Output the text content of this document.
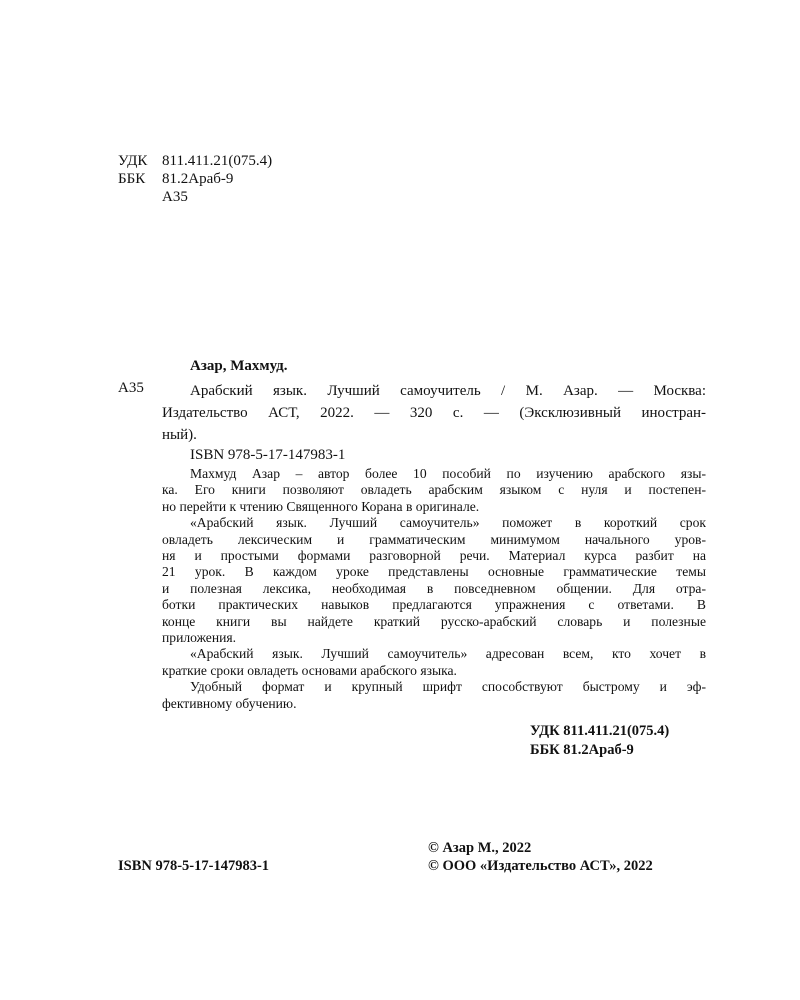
УДК 811.411.21(075.4)
ББК	81.2Араб-9
А35
Азар, Махмуд.
А35	Арабский язык. Лучший самоучитель / М. Азар. — Москва:
Издательство АСТ, 2022. — 320 с. — (Эксклюзивный иностран-
ный).
ISBN 978-5-17-147983-1

Махмуд Азар – автор более 10 пособий по изучению арабского язы-

ка. Его книги позволяют овладеть арабским языком с нуля и постепен-

но перейти к чтению Священного Корана в оригинале.

«Арабский язык. Лучший самоучитель» поможет в короткий срок

овладеть лексическим и грамматическим минимумом начального уров-

ня и простыми формами разговорной речи. Материал курса разбит на

21 урок. В каждом уроке представлены основные грамматические темы

и полезная лексика, необходимая в повседневном общении. Для отра-

ботки практических навыков предлагаются упражнения с ответами. В

конце книги вы найдете краткий русско-арабский словарь и полезные

приложения.

«Арабский язык. Лучший самоучитель» адресован всем, кто хочет в

краткие сроки овладеть основами арабского языка.

Удобный формат и крупный шрифт способствуют быстрому и эф-

фективному обучению.

УДК 811.411.21(075.4)
ББК 81.2Араб-9
© Азар М., 2022
ISBN 978-5-17-147983-1	© ООО «Издательство АСТ», 2022
